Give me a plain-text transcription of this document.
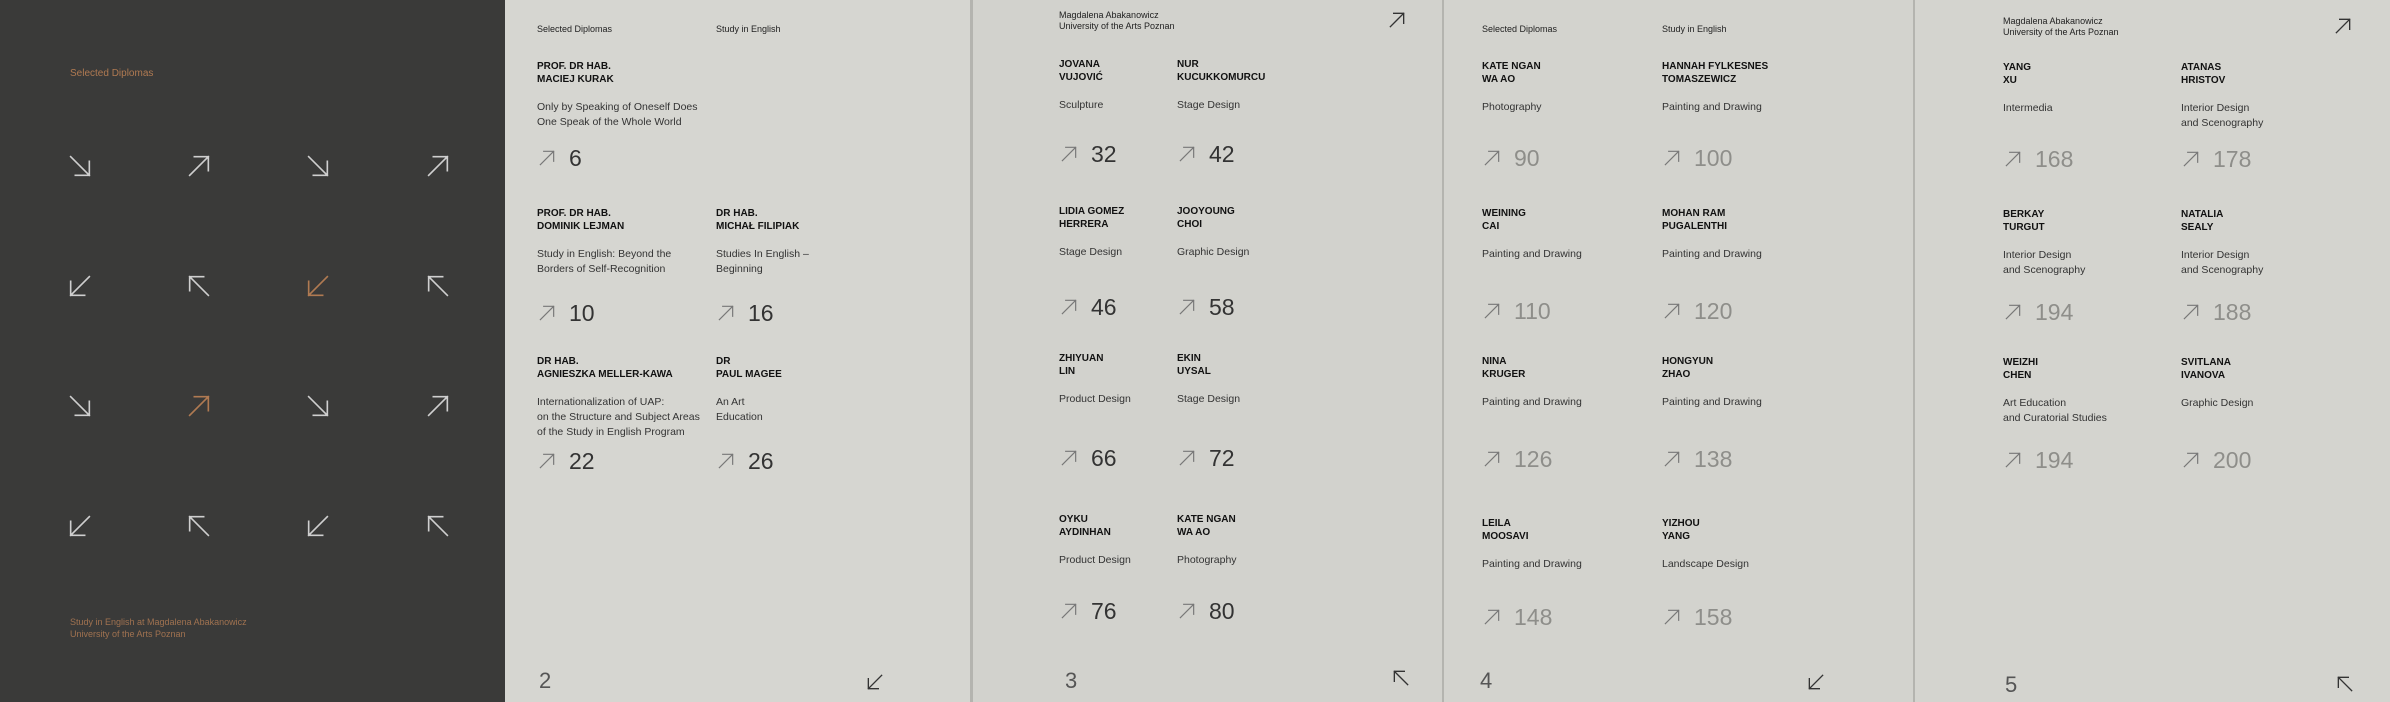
Selected Diplomas
Study in English at Magdalena Abakanowicz
University of the Arts Poznan
Selected Diplomas	Study in English
PROF. DR HAB.
MACIEJ KURAK
Only by Speaking of Oneself Does
One Speak of the Whole World
6
PROF. DR HAB.
DOMINIK LEJMAN
Study in English: Beyond the
Borders of Self-Recognition
10
DR HAB.
MICHAŁ FILIPIAK
Studies In English –
Beginning
16
DR HAB.
AGNIESZKA MELLER-KAWA
Internationalization of UAP:
on the Structure and Subject Areas
of the Study in English Program
22
DR
PAUL MAGEE
An Art
Education
26
2
Magdalena Abakanowicz
University of the Arts Poznan
JOVANA
VUJOVIĆ
Sculpture
32
NUR
KUCUKKOMURCU
Stage Design
42
LIDIA GOMEZ
HERRERA
Stage Design
46
JOOYOUNG
CHOI
Graphic Design
58
ZHIYUAN
LIN
Product Design
66
EKIN
UYSAL
Stage Design
72
OYKU
AYDINHAN
Product Design
76
KATE NGAN
WA AO
Photography
80
3
Selected Diplomas	Study in English
KATE NGAN
WA AO
Photography
90
HANNAH FYLKESNES
TOMASZEWICZ
Painting and Drawing
100
WEINING
CAI
Painting and Drawing
110
MOHAN RAM
PUGALENTHI
Painting and Drawing
120
NINA
KRUGER
Painting and Drawing
126
HONGYUN
ZHAO
Painting and Drawing
138
LEILA
MOOSAVI
Painting and Drawing
148
YIZHOU
YANG
Landscape Design
158
4
Magdalena Abakanowicz
University of the Arts Poznan
YANG
XU
Intermedia
168
ATANAS
HRISTOV
Interior Design
and Scenography
178
BERKAY
TURGUT
Interior Design
and Scenography
194
NATALIA
SEALY
Interior Design
and Scenography
188
WEIZHI
CHEN
Art Education
and Curatorial Studies
194
SVITLANA
IVANOVA
Graphic Design
200
5
